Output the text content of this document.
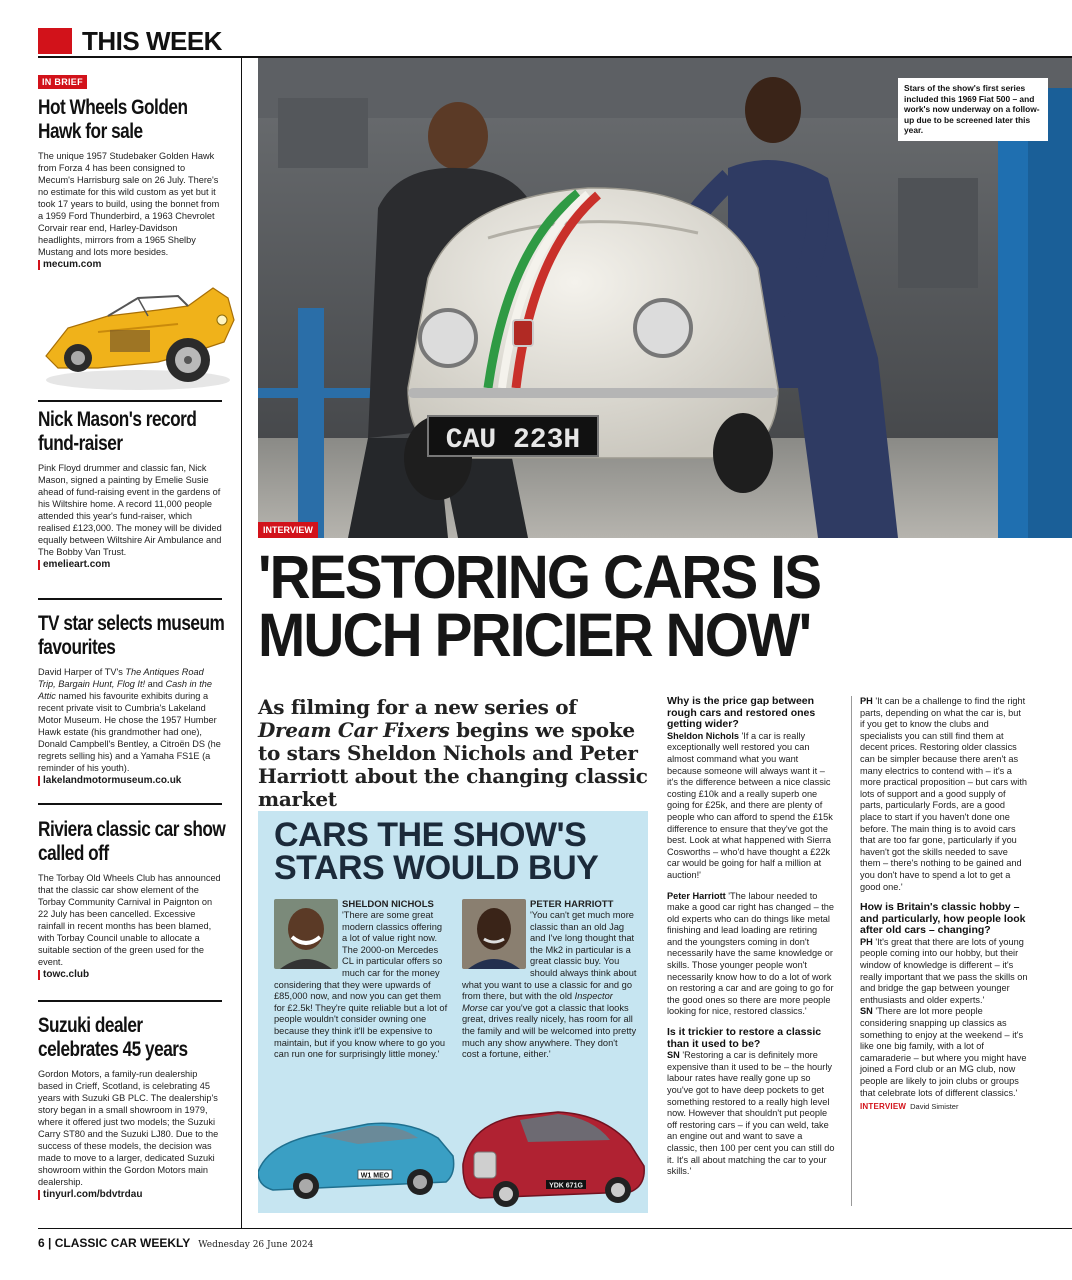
THIS WEEK
IN BRIEF
Hot Wheels Golden Hawk for sale
The unique 1957 Studebaker Golden Hawk from Forza 4 has been consigned to Mecum's Harrisburg sale on 26 July. There's no estimate for this wild custom as yet but it took 17 years to build, using the bonnet from a 1959 Ford Thunderbird, a 1963 Chevrolet Corvair rear end, Harley-Davidson headlights, mirrors from a 1965 Shelby Mustang and lots more besides.
mecum.com
Nick Mason's record fund-raiser
Pink Floyd drummer and classic fan, Nick Mason, signed a painting by Emelie Susie ahead of fund-raising event in the gardens of his Wiltshire home. A record 11,000 people attended this year's fund-raiser, which realised £123,000. The money will be divided equally between Wiltshire Air Ambulance and The Bobby Van Trust.
emelieart.com
TV star selects museum favourites
David Harper of TV's The Antiques Road Trip, Bargain Hunt, Flog It! and Cash in the Attic named his favourite exhibits during a recent private visit to Cumbria's Lakeland Motor Museum. He chose the 1957 Humber Hawk estate (his grandmother had one), Donald Campbell's Bentley, a Citroën DS (he regrets selling his) and a Yamaha FS1E (a reminder of his youth).
lakelandmotormuseum.co.uk
Riviera classic car show called off
The Torbay Old Wheels Club has announced that the classic car show element of the Torbay Community Carnival in Paignton on 22 July has been cancelled. Excessive rainfall in recent months has been blamed, with Torbay Council unable to allocate a suitable section of the green used for the event.
towc.club
Suzuki dealer celebrates 45 years
Gordon Motors, a family-run dealership based in Crieff, Scotland, is celebrating 45 years with Suzuki GB PLC. The dealership's story began in a small showroom in 1979, where it offered just two models; the Suzuki Carry ST80 and the Suzuki LJ80. Due to the success of these models, the decision was made to move to a larger, dedicated Suzuki showroom within the Gordon Motors main dealership.
tinyurl.com/bdvtrdau
CAU 223H
Stars of the show's first series included this 1969 Fiat 500 – and work's now underway on a follow-up due to be screened later this year.
INTERVIEW
'RESTORING CARS IS
MUCH PRICIER NOW'
As filming for a new series of Dream Car Fixers begins we spoke to stars Sheldon Nichols and Peter Harriott about the changing classic market
CARS THE SHOW'S
STARS WOULD BUY
SHELDON NICHOLS
'There are some great modern classics offering a lot of value right now. The 2000-on Mercedes CL in particular offers so much car for the money considering that they were upwards of £85,000 now, and now you can get them for £2.5k! They're quite reliable but a lot of people wouldn't consider owning one because they think it'll be expensive to maintain, but if you know where to go you can run one for surprisingly little money.'
PETER HARRIOTT
'You can't get much more classic than an old Jag and I've long thought that the Mk2 in particular is a great classic buy. You should always think about what you want to use a classic for and go from there, but with the old Inspector Morse car you've got a classic that looks great, drives really nicely, has room for all the family and will be welcomed into pretty much any show anywhere. They don't cost a fortune, either.'
W1 MEO
YDK 671G
Why is the price gap between rough cars and restored ones getting wider?

Sheldon Nichols 'If a car is really exceptionally well restored you can almost command what you want because someone will always want it – it's the difference between a nice classic costing £10k and a really superb one going for £25k, and there are plenty of people who can afford to spend the £15k difference to ensure that they've got the best. Look at what happened with Sierra Cosworths – who'd have thought a £22k car would be going for half a million at auction!'

Peter Harriott 'The labour needed to make a good car right has changed – the old experts who can do things like metal finishing and lead loading are retiring and the youngsters coming in don't necessarily have the same knowledge or skills. Those younger people won't necessarily know how to do a lot of work on restoring a car and are going to go for the good ones so there are more people looking for nice, restored classics.'

Is it trickier to restore a classic than it used to be?

SN 'Restoring a car is definitely more expensive than it used to be – the hourly labour rates have really gone up so you've got to have deep pockets to get something restored to a really high level now. However that shouldn't put people off restoring cars – if you can weld, take an engine out and want to save a classic, then 100 per cent you can still do it. It's all about matching the car to your skills.'

PH 'It can be a challenge to find the right parts, depending on what the car is, but if you get to know the clubs and specialists you can still find them at decent prices. Restoring older classics can be simpler because there aren't as many electrics to contend with – it's a more practical proposition – but cars with lots of support and a good supply of parts, particularly Fords, are a good place to start if you haven't done one before. The main thing is to avoid cars that are too far gone, particularly if you haven't got the skills needed to save them – there's nothing to be gained and you don't have to spend a lot to get a good one.'

How is Britain's classic hobby – and particularly, how people look after old cars – changing?

PH 'It's great that there are lots of young people coming into our hobby, but their window of knowledge is different – it's really important that we pass the skills on and bridge the gap between younger enthusiasts and older experts.'

SN 'There are lot more people considering snapping up classics as something to enjoy at the weekend – it's like one big family, with a lot of camaraderie – but where you might have joined a Ford club or an MG club, now people are likely to join clubs or groups that celebrate lots of different classics.'

INTERVIEW David Simister
6 | CLASSIC CAR WEEKLY Wednesday 26 June 2024
